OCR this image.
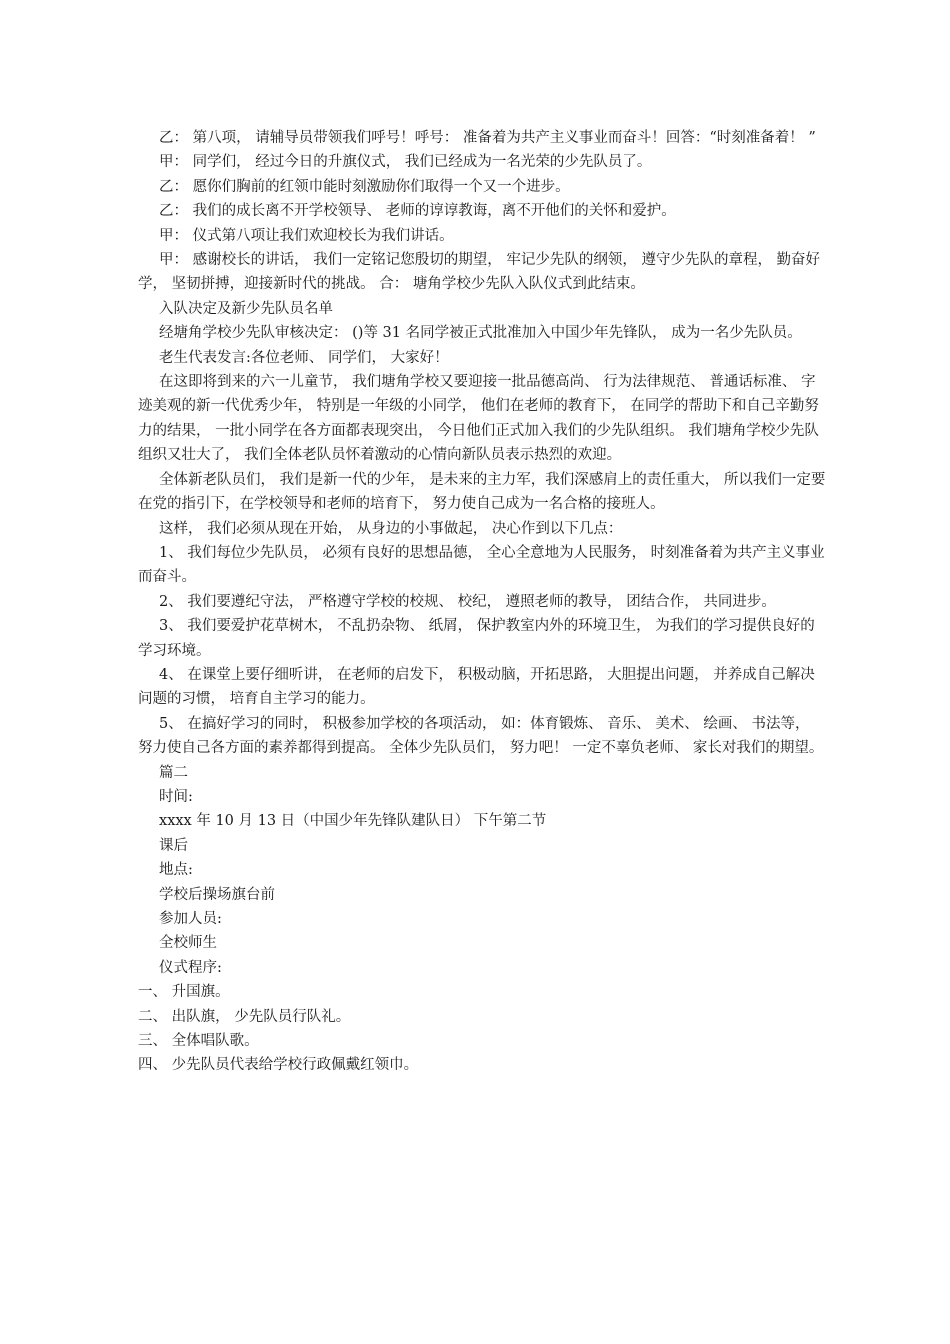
乙： 第八项， 请辅导员带领我们呼号！呼号： 准备着为共产主义事业而奋斗！回答：“时刻准备着！ ”

甲： 同学们， 经过今日的升旗仪式， 我们已经成为一名光荣的少先队员了。

乙： 愿你们胸前的红领巾能时刻激励你们取得一个又一个进步。

乙： 我们的成长离不开学校领导、 老师的谆谆教诲，离不开他们的关怀和爱护。

甲： 仪式第八项让我们欢迎校长为我们讲话。

甲： 感谢校长的讲话， 我们一定铭记您殷切的期望， 牢记少先队的纲领， 遵守少先队的章程， 勤奋好学， 坚韧拼搏，迎接新时代的挑战。 合： 塘角学校少先队入队仪式到此结束。

入队决定及新少先队员名单

经塘角学校少先队审核决定： ()等 31 名同学被正式批准加入中国少年先锋队， 成为一名少先队员。

老生代表发言:各位老师、 同学们， 大家好！

在这即将到来的六一儿童节， 我们塘角学校又要迎接一批品德高尚、 行为法律规范、 普通话标准、 字迹美观的新一代优秀少年， 特别是一年级的小同学， 他们在老师的教育下， 在同学的帮助下和自己辛勤努力的结果， 一批小同学在各方面都表现突出， 今日他们正式加入我们的少先队组织。 我们塘角学校少先队组织又壮大了， 我们全体老队员怀着激动的心情向新队员表示热烈的欢迎。

全体新老队员们， 我们是新一代的少年， 是未来的主力军，我们深感肩上的责任重大， 所以我们一定要在党的指引下，在学校领导和老师的培育下， 努力使自己成为一名合格的接班人。

这样， 我们必须从现在开始， 从身边的小事做起， 决心作到以下几点：

1、 我们每位少先队员， 必须有良好的思想品德， 全心全意地为人民服务， 时刻准备着为共产主义事业而奋斗。

2、 我们要遵纪守法， 严格遵守学校的校规、 校纪， 遵照老师的教导， 团结合作， 共同进步。

3、 我们要爱护花草树木， 不乱扔杂物、 纸屑， 保护教室内外的环境卫生， 为我们的学习提供良好的学习环境。

4、 在课堂上要仔细听讲， 在老师的启发下， 积极动脑，开拓思路， 大胆提出问题， 并养成自己解决问题的习惯， 培育自主学习的能力。

5、 在搞好学习的同时， 积极参加学校的各项活动， 如：体育锻炼、 音乐、 美术、 绘画、 书法等， 努力使自己各方面的素养都得到提高。 全体少先队员们， 努力吧！ 一定不辜负老师、 家长对我们的期望。

篇二

时间:

xxxx 年 10 月 13 日（中国少年先锋队建队日） 下午第二节

课后

地点:

学校后操场旗台前

参加人员:

全校师生

仪式程序:

一、 升国旗。

二、 出队旗， 少先队员行队礼。

三、 全体唱队歌。

四、 少先队员代表给学校行政佩戴红领巾。
